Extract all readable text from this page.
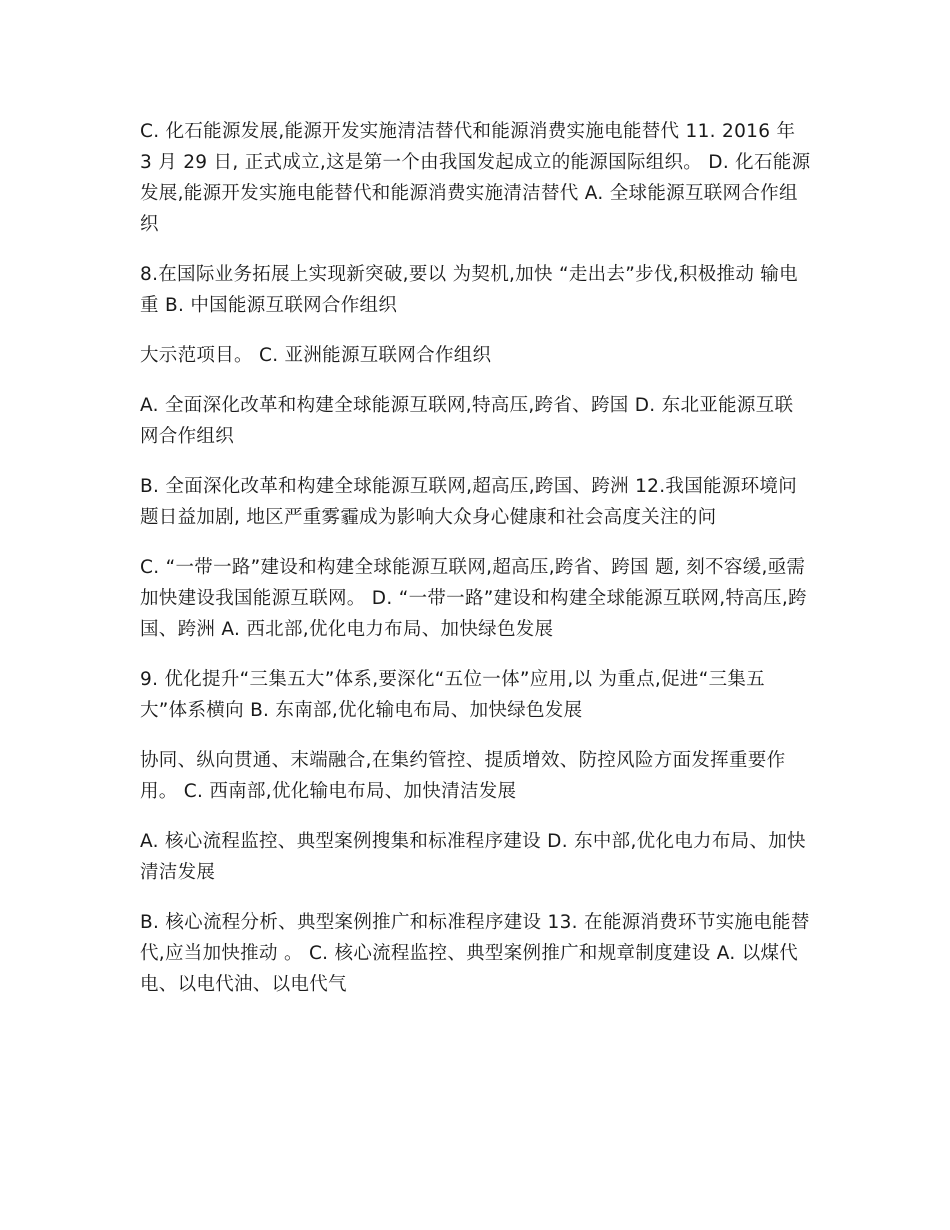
C. 化石能源发展,能源开发实施清洁替代和能源消费实施电能替代 11. 2016 年 3 月 29 日, 正式成立,这是第一个由我国发起成立的能源国际组织。 D. 化石能源发展,能源开发实施电能替代和能源消费实施清洁替代 A. 全球能源互联网合作组织

8.在国际业务拓展上实现新突破,要以 为契机,加快 “走出去”步伐,积极推动 输电重 B. 中国能源互联网合作组织

大示范项目。 C. 亚洲能源互联网合作组织

A. 全面深化改革和构建全球能源互联网,特高压,跨省、跨国 D. 东北亚能源互联网合作组织

B. 全面深化改革和构建全球能源互联网,超高压,跨国、跨洲 12.我国能源环境问题日益加剧, 地区严重雾霾成为影响大众身心健康和社会高度关注的问

C. “一带一路”建设和构建全球能源互联网,超高压,跨省、跨国 题, 刻不容缓,亟需加快建设我国能源互联网。 D. “一带一路”建设和构建全球能源互联网,特高压,跨国、跨洲 A. 西北部,优化电力布局、加快绿色发展

9. 优化提升“三集五大”体系,要深化“五位一体”应用,以 为重点,促进“三集五大”体系横向 B. 东南部,优化输电布局、加快绿色发展

协同、纵向贯通、末端融合,在集约管控、提质增效、防控风险方面发挥重要作用。 C. 西南部,优化输电布局、加快清洁发展

A. 核心流程监控、典型案例搜集和标准程序建设 D. 东中部,优化电力布局、加快清洁发展

B. 核心流程分析、典型案例推广和标准程序建设 13. 在能源消费环节实施电能替代,应当加快推动 。 C. 核心流程监控、典型案例推广和规章制度建设 A. 以煤代电、以电代油、以电代气
